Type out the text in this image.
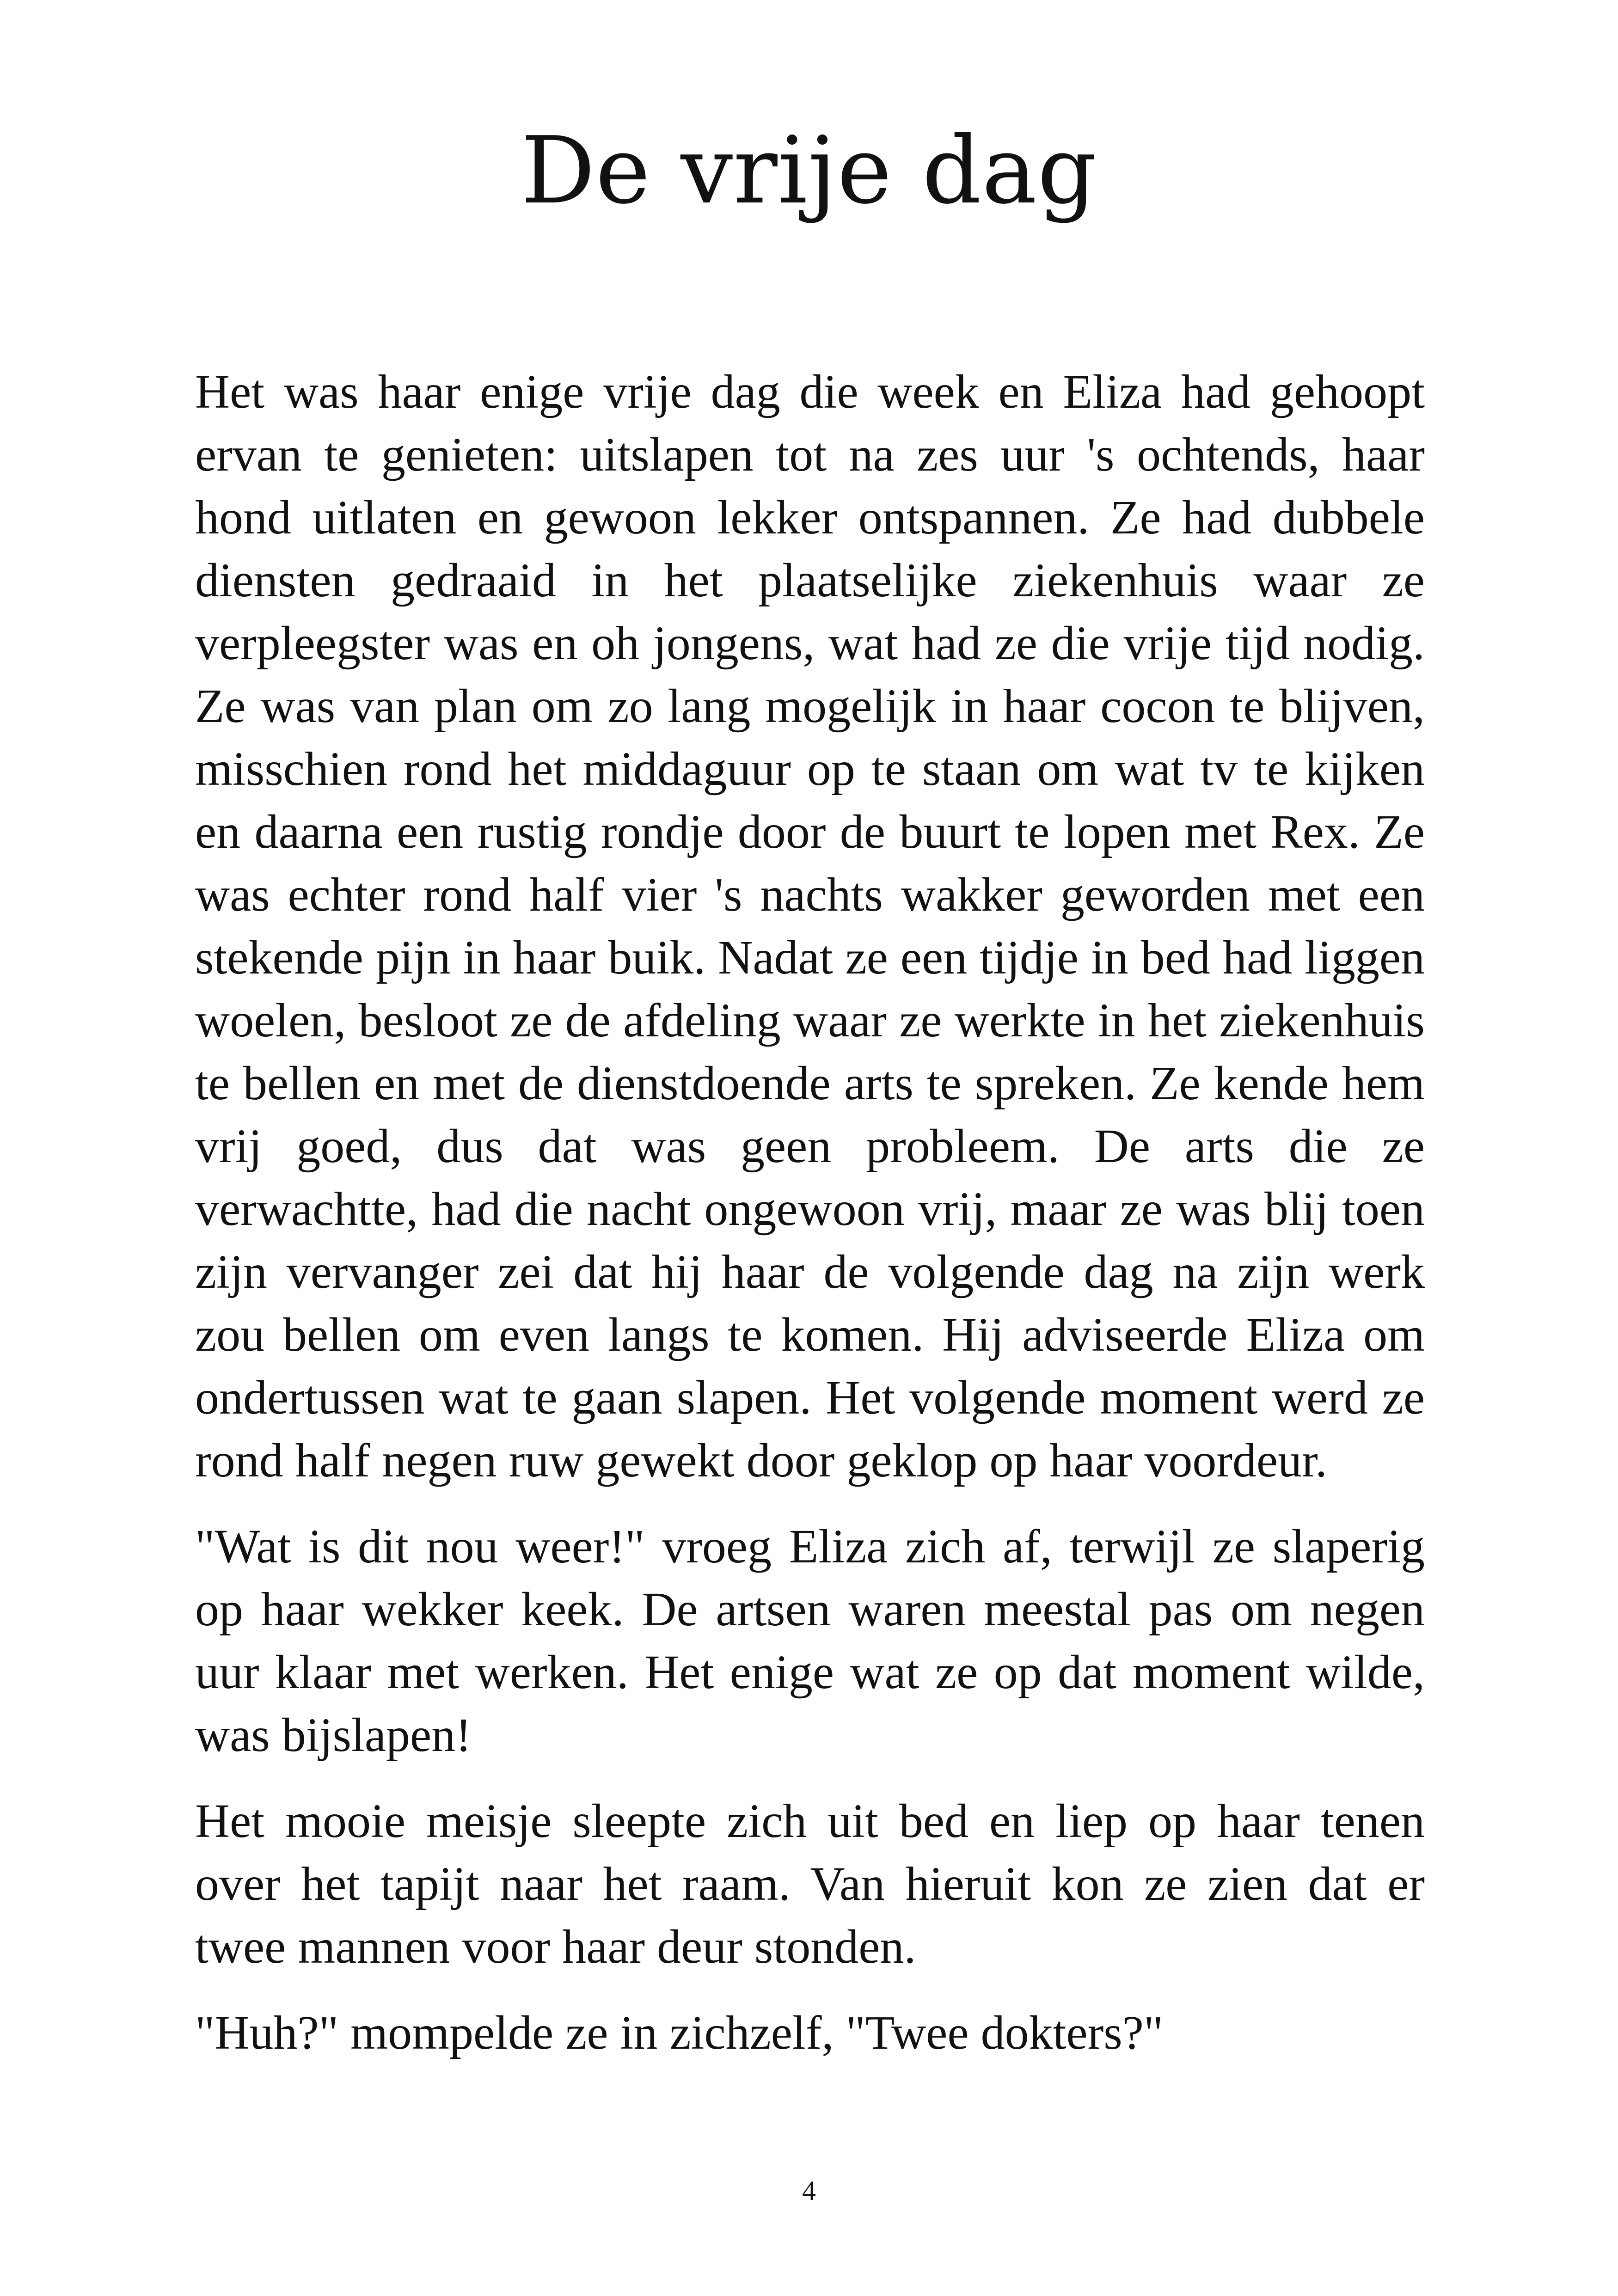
De vrije dag

Het was haar enige vrije dag die week en Eliza had gehoopt ervan te genieten: uitslapen tot na zes uur 's ochtends, haar hond uitlaten en gewoon lekker ontspannen. Ze had dubbele diensten gedraaid in het plaatselijke ziekenhuis waar ze verpleegster was en oh jongens, wat had ze die vrije tijd nodig. Ze was van plan om zo lang mogelijk in haar cocon te blijven, misschien rond het middaguur op te staan om wat tv te kijken en daarna een rustig rondje door de buurt te lopen met Rex. Ze was echter rond half vier 's nachts wakker geworden met een stekende pijn in haar buik. Nadat ze een tijdje in bed had liggen woelen, besloot ze de afdeling waar ze werkte in het ziekenhuis te bellen en met de dienstdoende arts te spreken. Ze kende hem vrij goed, dus dat was geen probleem. De arts die ze verwachtte, had die nacht ongewoon vrij, maar ze was blij toen zijn vervanger zei dat hij haar de volgende dag na zijn werk zou bellen om even langs te komen. Hij adviseerde Eliza om ondertussen wat te gaan slapen. Het volgende moment werd ze rond half negen ruw gewekt door geklop op haar voordeur.

"Wat is dit nou weer!" vroeg Eliza zich af, terwijl ze slaperig op haar wekker keek. De artsen waren meestal pas om negen uur klaar met werken. Het enige wat ze op dat moment wilde, was bijslapen!

Het mooie meisje sleepte zich uit bed en liep op haar tenen over het tapijt naar het raam. Van hieruit kon ze zien dat er twee mannen voor haar deur stonden.

"Huh?" mompelde ze in zichzelf, "Twee dokters?"

4
